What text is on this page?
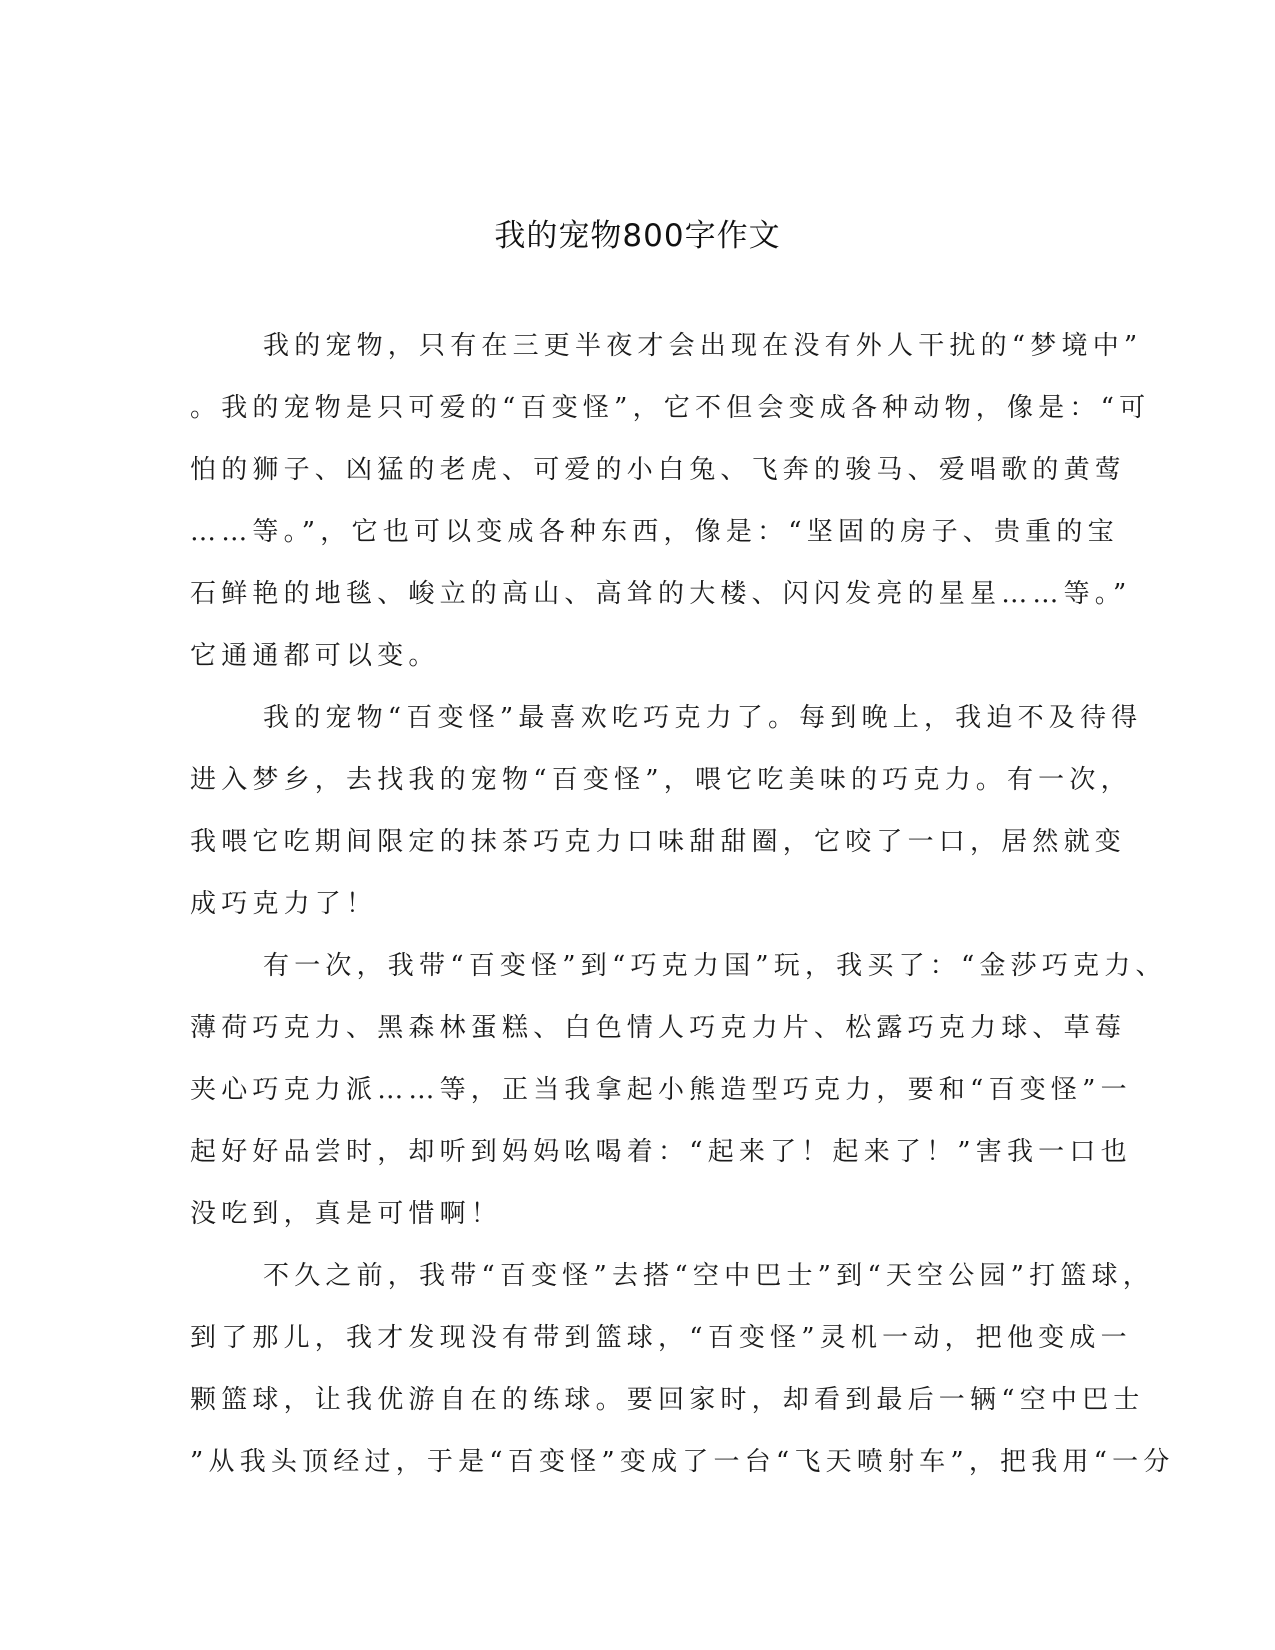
我的宠物800字作文
我的宠物，只有在三更半夜才会出现在没有外人干扰的“梦境中”
。我的宠物是只可爱的“百变怪”，它不但会变成各种动物，像是：“可
怕的狮子、凶猛的老虎、可爱的小白兔、飞奔的骏马、爱唱歌的黄莺
……等。”，它也可以变成各种东西，像是：“坚固的房子、贵重的宝
石鲜艳的地毯、峻立的高山、高耸的大楼、闪闪发亮的星星……等。”
它通通都可以变。
我的宠物“百变怪”最喜欢吃巧克力了。每到晚上，我迫不及待得
进入梦乡，去找我的宠物“百变怪”，喂它吃美味的巧克力。有一次，
我喂它吃期间限定的抹茶巧克力口味甜甜圈，它咬了一口，居然就变
成巧克力了！
有一次，我带“百变怪”到“巧克力国”玩，我买了：“金莎巧克力、
薄荷巧克力、黑森林蛋糕、白色情人巧克力片、松露巧克力球、草莓
夹心巧克力派……等，正当我拿起小熊造型巧克力，要和“百变怪”一
起好好品尝时，却听到妈妈吆喝着：“起来了！起来了！”害我一口也
没吃到，真是可惜啊！
不久之前，我带“百变怪”去搭“空中巴士”到“天空公园”打篮球，
到了那儿，我才发现没有带到篮球，“百变怪”灵机一动，把他变成一
颗篮球，让我优游自在的练球。要回家时，却看到最后一辆“空中巴士
”从我头顶经过，于是“百变怪”变成了一台“飞天喷射车”，把我用“一分
